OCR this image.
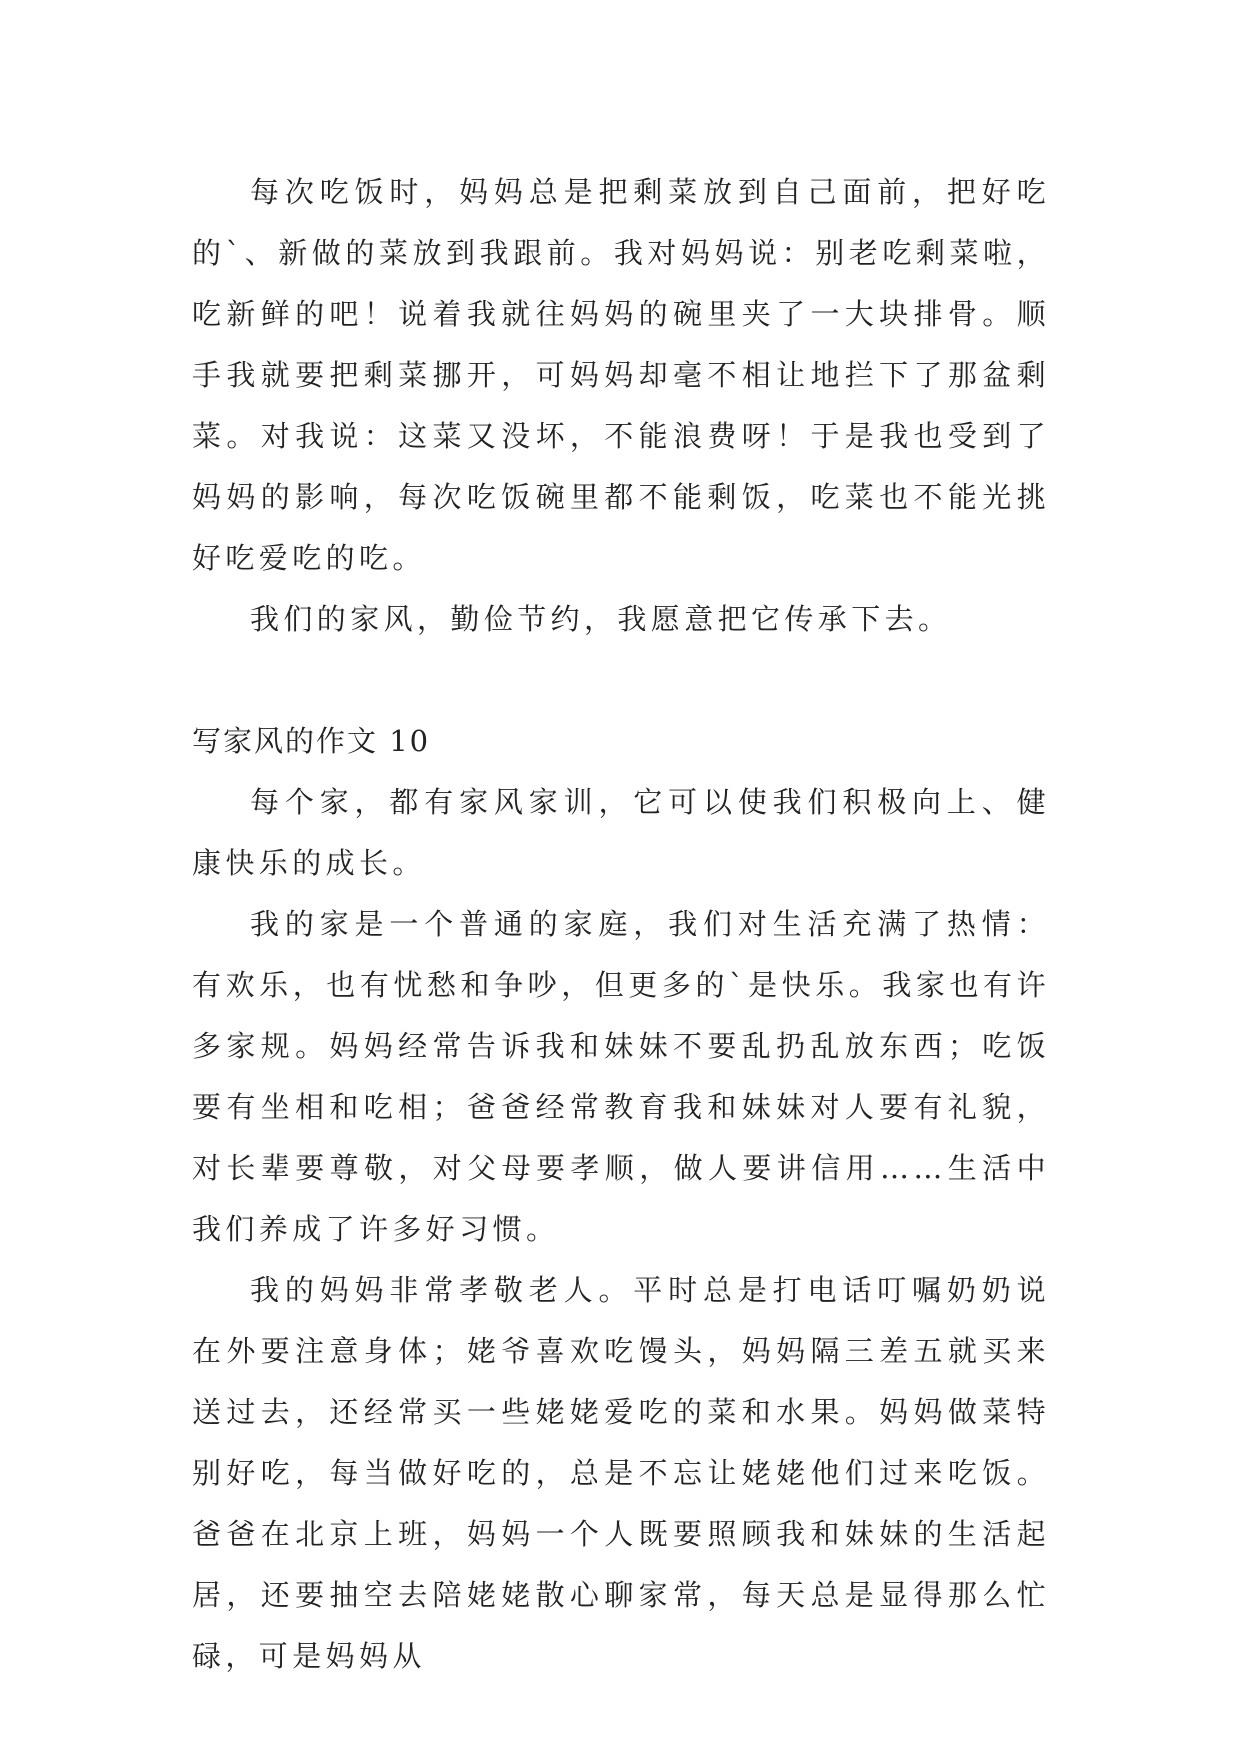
每次吃饭时，妈妈总是把剩菜放到自己面前，把好吃的`、新做的菜放到我跟前。我对妈妈说：别老吃剩菜啦，吃新鲜的吧！说着我就往妈妈的碗里夹了一大块排骨。顺手我就要把剩菜挪开，可妈妈却毫不相让地拦下了那盆剩菜。对我说：这菜又没坏，不能浪费呀！于是我也受到了妈妈的影响，每次吃饭碗里都不能剩饭，吃菜也不能光挑好吃爱吃的吃。

我们的家风，勤俭节约，我愿意把它传承下去。

写家风的作文 10

每个家，都有家风家训，它可以使我们积极向上、健康快乐的成长。

我的家是一个普通的家庭，我们对生活充满了热情：有欢乐，也有忧愁和争吵，但更多的`是快乐。我家也有许多家规。妈妈经常告诉我和妹妹不要乱扔乱放东西；吃饭要有坐相和吃相；爸爸经常教育我和妹妹对人要有礼貌，对长辈要尊敬，对父母要孝顺，做人要讲信用……生活中我们养成了许多好习惯。

我的妈妈非常孝敬老人。平时总是打电话叮嘱奶奶说在外要注意身体；姥爷喜欢吃馒头，妈妈隔三差五就买来送过去，还经常买一些姥姥爱吃的菜和水果。妈妈做菜特别好吃，每当做好吃的，总是不忘让姥姥他们过来吃饭。爸爸在北京上班，妈妈一个人既要照顾我和妹妹的生活起居，还要抽空去陪姥姥散心聊家常，每天总是显得那么忙碌，可是妈妈从
